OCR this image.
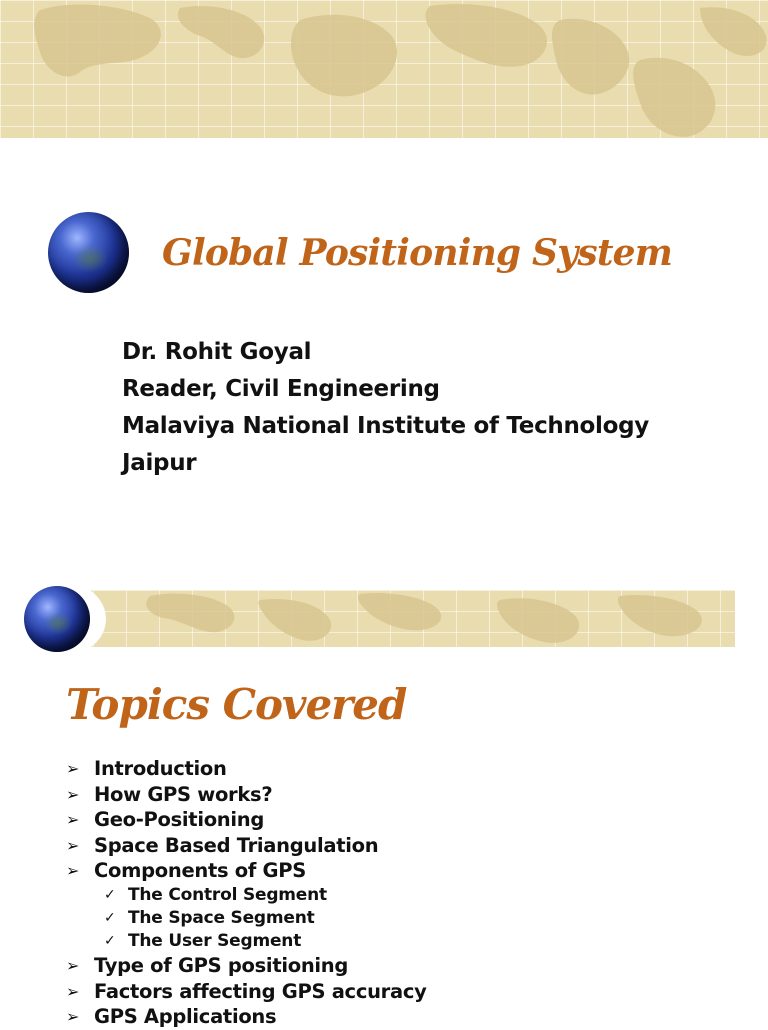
Global Positioning System
Dr. Rohit Goyal
Reader, Civil Engineering
Malaviya National Institute of Technology
Jaipur
Topics Covered
➢ Introduction
➢ How GPS works?
➢ Geo-Positioning
➢ Space Based Triangulation
➢ Components of GPS
✓ The Control Segment
✓ The Space Segment
✓ The User Segment
➢ Type of GPS positioning
➢ Factors affecting GPS accuracy
➢ GPS Applications
